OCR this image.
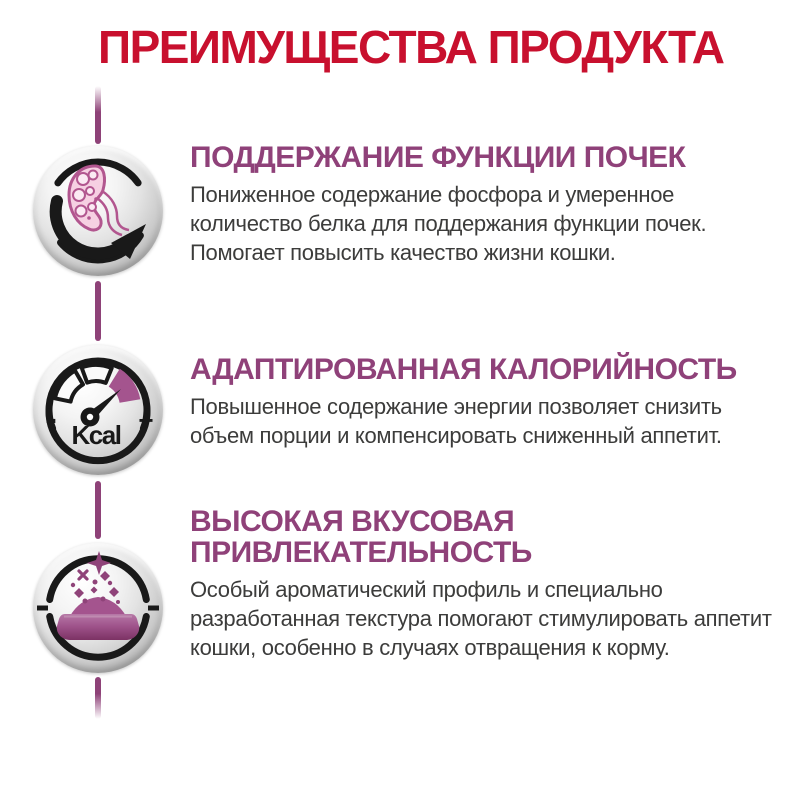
ПРЕИМУЩЕСТВА ПРОДУКТА
-	+
Kcal
ПОДДЕРЖАНИЕ ФУНКЦИИ ПОЧЕК

Пониженное содержание фосфора и умеренное количество белка для поддержания функции почек. Помогает повысить качество жизни кошки.

АДАПТИРОВАННАЯ КАЛОРИЙНОСТЬ

Повышенное содержание энергии позволяет снизить объем порции и компенсировать сниженный аппетит.

ВЫСОКАЯ ВКУСОВАЯ ПРИВЛЕКАТЕЛЬНОСТЬ

Особый ароматический профиль и специально разработанная текстура помогают стимулировать аппетит кошки, особенно в случаях отвращения к корму.
